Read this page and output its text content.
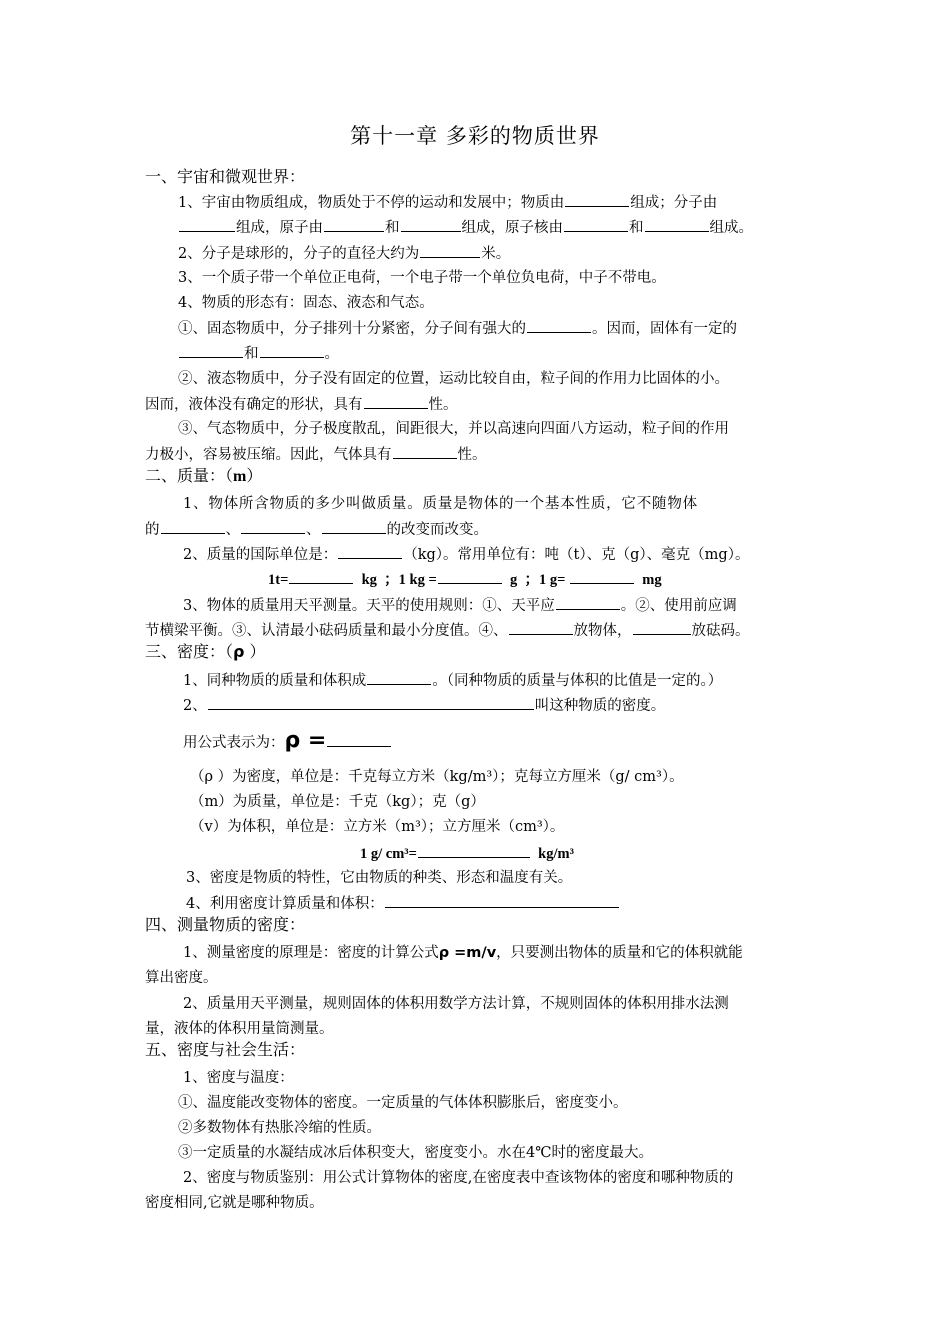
第十一章 多彩的物质世界
一、宇宙和微观世界：
1、宇宙由物质组成，物质处于不停的运动和发展中；物质由	组成；分子由
组成，原子由	和	组成，原子核由	和	组成。
2、分子是球形的，分子的直径大约为	米。
3、一个质子带一个单位正电荷，一个电子带一个单位负电荷，中子不带电。
4、物质的形态有：固态、液态和气态。
①、固态物质中，分子排列十分紧密，分子间有强大的	。因而，固体有一定的
和	。
②、液态物质中，分子没有固定的位置，运动比较自由，粒子间的作用力比固体的小。
因而，液体没有确定的形状，具有	性。
③、气态物质中，分子极度散乱，间距很大，并以高速向四面八方运动，粒子间的作用
力极小，容易被压缩。因此，气体具有	性。
二、质量：（m）
1、物体所含物质的多少叫做质量。质量是物体的一个基本性质，它不随物体
的	、	、	的改变而改变。
2、质量的国际单位是：	（kg）。常用单位有：吨（t）、克（g）、毫克（mg）。
1t=	kg ；1 kg =	g ；1 g=	mg
3、物体的质量用天平测量。天平的使用规则：①、天平应	。②、使用前应调
节横梁平衡。③、认清最小砝码质量和最小分度值。④、	放物体，	放砝码。
三、密度：（ρ ）
1、同种物质的质量和体积成	。（同种物质的质量与体积的比值是一定的。）
2、	叫这种物质的密度。
用公式表示为：ρ =
（ρ ）为密度，单位是：千克每立方米（kg/m³）；克每立方厘米（g/ cm³）。
（m）为质量，单位是：千克（kg）；克（g）
（v）为体积，单位是：立方米（m³）；立方厘米（cm³）。
1 g/ cm³=	kg/m³
3、密度是物质的特性，它由物质的种类、形态和温度有关。
4、利用密度计算质量和体积：
四、测量物质的密度：
1、测量密度的原理是：密度的计算公式ρ =m/v，只要测出物体的质量和它的体积就能
算出密度。
2、质量用天平测量，规则固体的体积用数学方法计算，不规则固体的体积用排水法测
量，液体的体积用量筒测量。
五、密度与社会生活：
1、密度与温度：
①、温度能改变物体的密度。一定质量的气体体积膨胀后，密度变小。
②多数物体有热胀冷缩的性质。
③一定质量的水凝结成冰后体积变大，密度变小。水在4℃时的密度最大。
2、密度与物质鉴别：用公式计算物体的密度,在密度表中查该物体的密度和哪种物质的
密度相同,它就是哪种物质。
